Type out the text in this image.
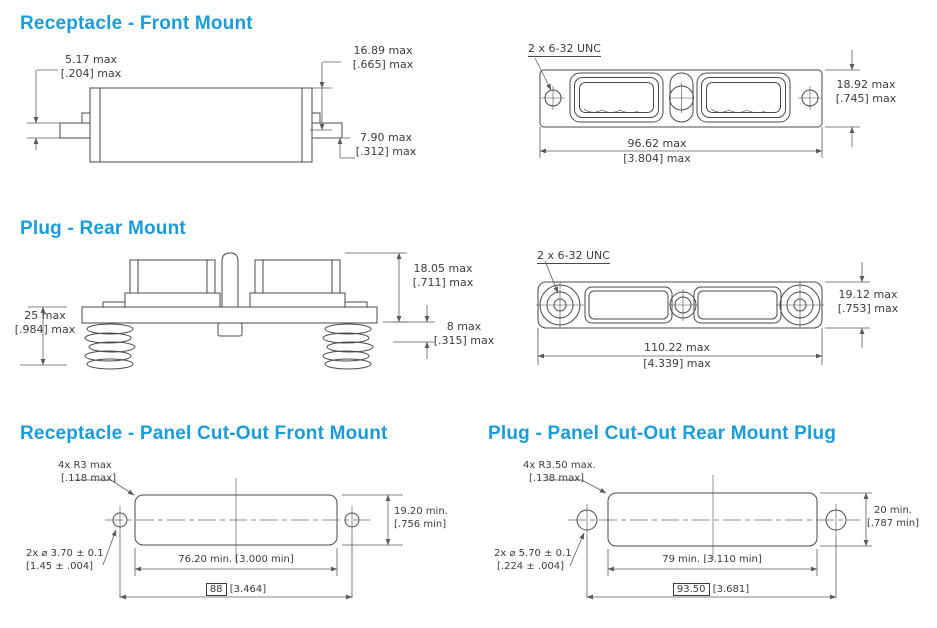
Receptacle - Front Mount
Plug - Rear Mount
Receptacle - Panel Cut-Out Front Mount	Plug - Panel Cut-Out Rear Mount Plug
5.17 max
[.204] max
16.89 max
[.665] max
7.90 max
[.312] max
2 x 6-32 UNC
18.92 max
[.745] max
96.62 max
[3.804] max
18.05 max
[.711] max
25 max
[.984] max	8 max
[.315] max
2 x 6-32 UNC
19.12 max
[.753] max
110.22 max
[4.339] max
4x R3 max
[.118 max]
2x ⌀ 3.70 ± 0.1
[1.45 ± .004]
19.20 min.
[.756 min]
76.20 min. [3.000 min]
88 [3.464]
4x R3.50 max.
[.138 max]
2x ⌀ 5.70 ± 0.1
[.224 ± .004]
20 min.
[.787 min]
79 min. [3.110 min]
93.50 [3.681]
